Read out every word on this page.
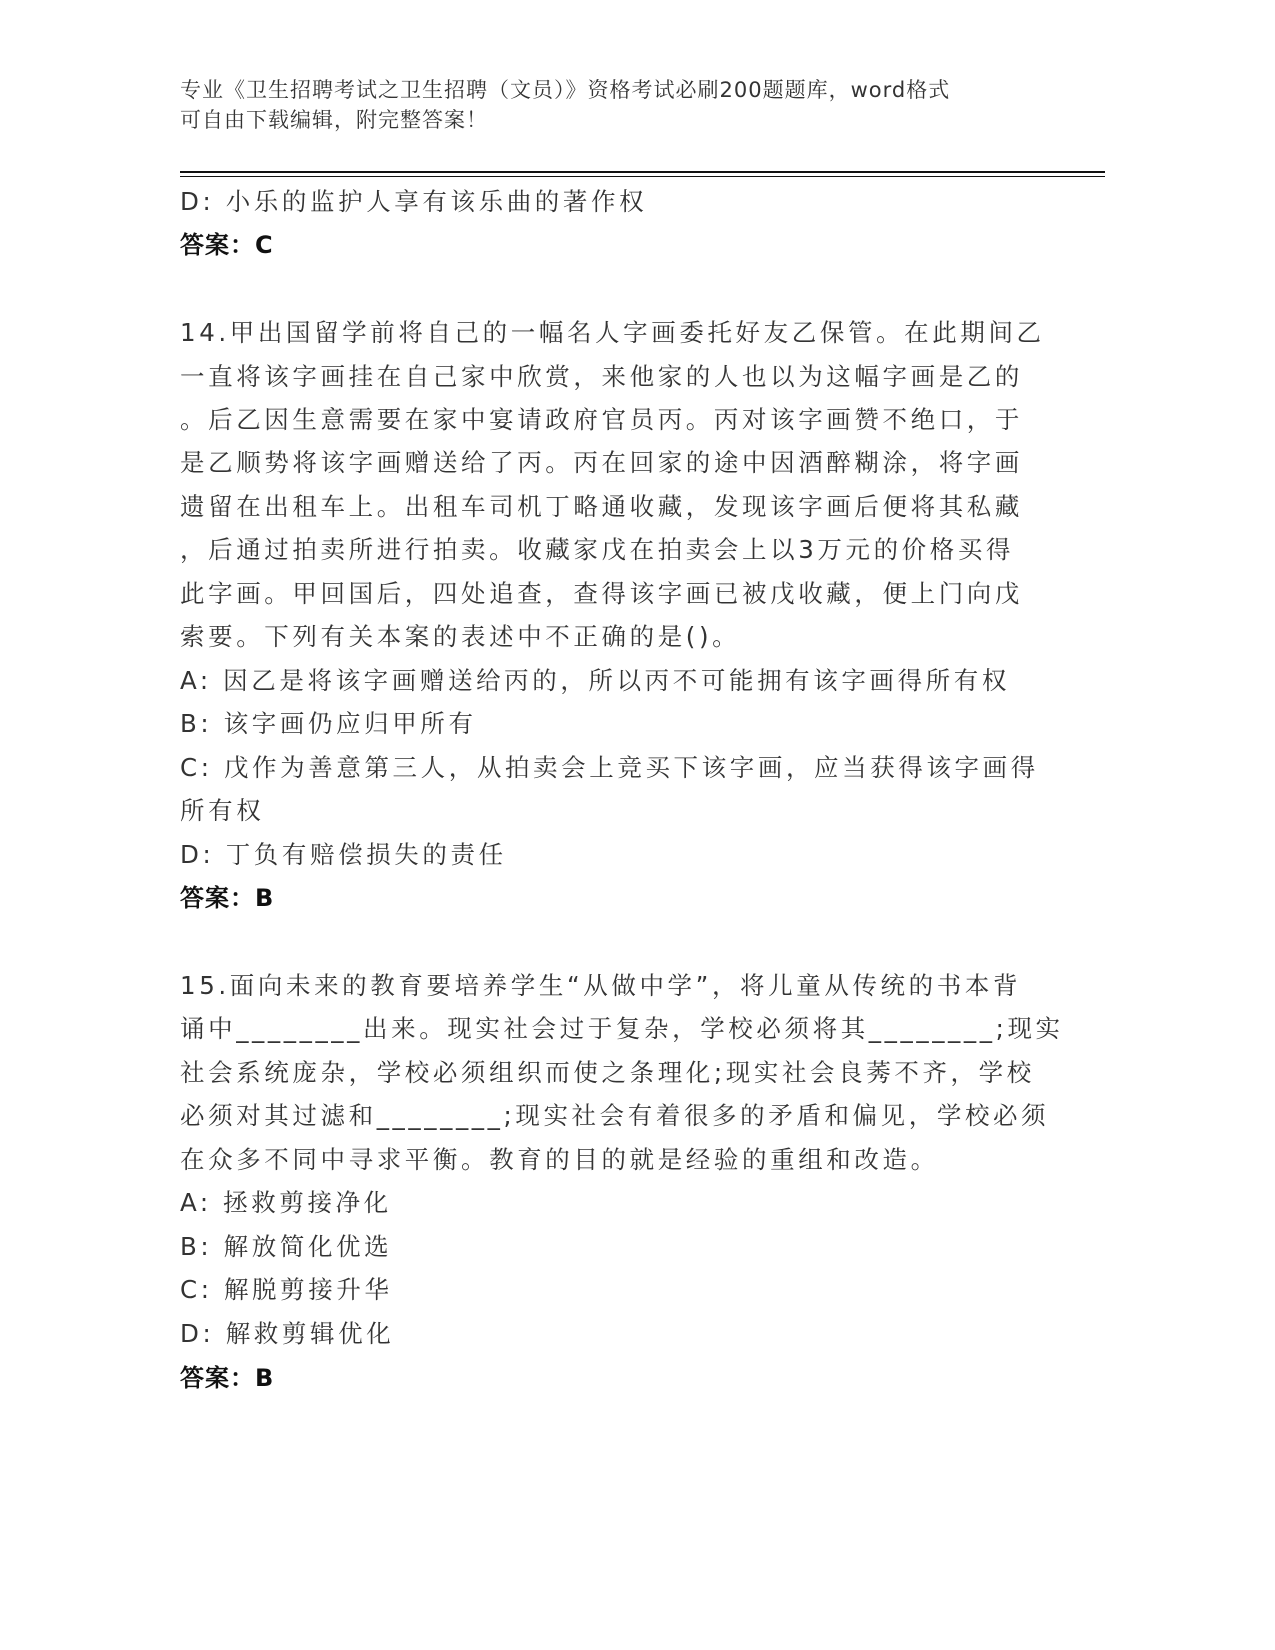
专业《卫生招聘考试之卫生招聘（文员）》资格考试必刷200题题库，word格式
可自由下载编辑，附完整答案！
D: 小乐的监护人享有该乐曲的著作权
答案：C
14.甲出国留学前将自己的一幅名人字画委托好友乙保管。在此期间乙
一直将该字画挂在自己家中欣赏，来他家的人也以为这幅字画是乙的
。后乙因生意需要在家中宴请政府官员丙。丙对该字画赞不绝口，于
是乙顺势将该字画赠送给了丙。丙在回家的途中因酒醉糊涂，将字画
遗留在出租车上。出租车司机丁略通收藏，发现该字画后便将其私藏
，后通过拍卖所进行拍卖。收藏家戊在拍卖会上以3万元的价格买得
此字画。甲回国后，四处追查，查得该字画已被戊收藏，便上门向戊
索要。下列有关本案的表述中不正确的是()。
A: 因乙是将该字画赠送给丙的，所以丙不可能拥有该字画得所有权
B: 该字画仍应归甲所有
C: 戊作为善意第三人，从拍卖会上竞买下该字画，应当获得该字画得
所有权
D: 丁负有赔偿损失的责任
答案：B
15.面向未来的教育要培养学生“从做中学”，将儿童从传统的书本背
诵中________出来。现实社会过于复杂，学校必须将其________;现实
社会系统庞杂，学校必须组织而使之条理化;现实社会良莠不齐，学校
必须对其过滤和________;现实社会有着很多的矛盾和偏见，学校必须
在众多不同中寻求平衡。教育的目的就是经验的重组和改造。
A: 拯救剪接净化
B: 解放简化优选
C: 解脱剪接升华
D: 解救剪辑优化
答案：B
